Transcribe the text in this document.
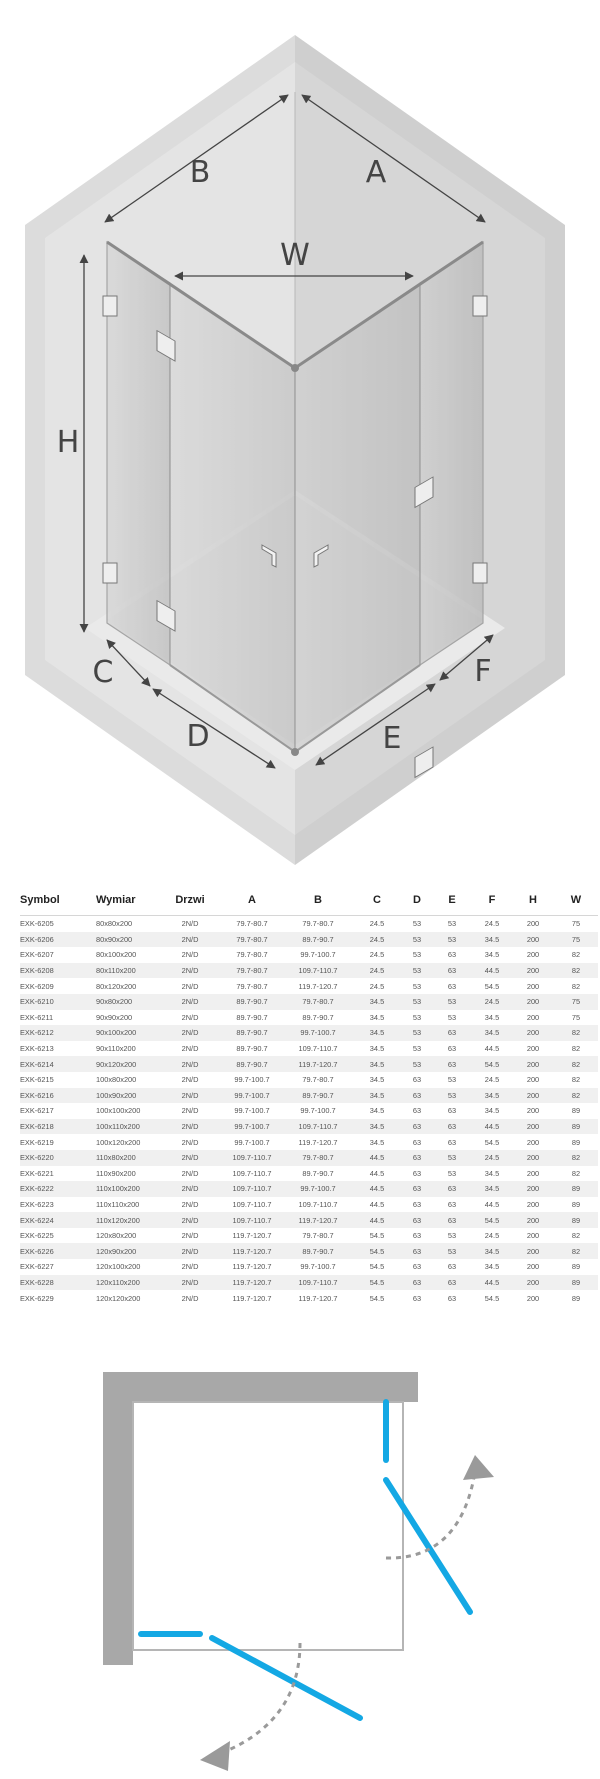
B	A
W
H
C
D	E
F
Symbol	Wymiar	Drzwi	A	B	C	D	E	F	H	W
EXK-6205	80x80x200	2N/D	79.7-80.7	79.7-80.7	24.5	53	53	24.5	200	75
EXK-6206	80x90x200	2N/D	79.7-80.7	89.7-90.7	24.5	53	53	34.5	200	75
EXK-6207	80x100x200	2N/D	79.7-80.7	99.7-100.7	24.5	53	63	34.5	200	82
EXK-6208	80x110x200	2N/D	79.7-80.7	109.7-110.7	24.5	53	63	44.5	200	82
EXK-6209	80x120x200	2N/D	79.7-80.7	119.7-120.7	24.5	53	63	54.5	200	82
EXK-6210	90x80x200	2N/D	89.7-90.7	79.7-80.7	34.5	53	53	24.5	200	75
EXK-6211	90x90x200	2N/D	89.7-90.7	89.7-90.7	34.5	53	53	34.5	200	75
EXK-6212	90x100x200	2N/D	89.7-90.7	99.7-100.7	34.5	53	63	34.5	200	82
EXK-6213	90x110x200	2N/D	89.7-90.7	109.7-110.7	34.5	53	63	44.5	200	82
EXK-6214	90x120x200	2N/D	89.7-90.7	119.7-120.7	34.5	53	63	54.5	200	82
EXK-6215	100x80x200	2N/D	99.7-100.7	79.7-80.7	34.5	63	53	24.5	200	82
EXK-6216	100x90x200	2N/D	99.7-100.7	89.7-90.7	34.5	63	53	34.5	200	82
EXK-6217	100x100x200	2N/D	99.7-100.7	99.7-100.7	34.5	63	63	34.5	200	89
EXK-6218	100x110x200	2N/D	99.7-100.7	109.7-110.7	34.5	63	63	44.5	200	89
EXK-6219	100x120x200	2N/D	99.7-100.7	119.7-120.7	34.5	63	63	54.5	200	89
EXK-6220	110x80x200	2N/D	109.7-110.7	79.7-80.7	44.5	63	53	24.5	200	82
EXK-6221	110x90x200	2N/D	109.7-110.7	89.7-90.7	44.5	63	53	34.5	200	82
EXK-6222	110x100x200	2N/D	109.7-110.7	99.7-100.7	44.5	63	63	34.5	200	89
EXK-6223	110x110x200	2N/D	109.7-110.7	109.7-110.7	44.5	63	63	44.5	200	89
EXK-6224	110x120x200	2N/D	109.7-110.7	119.7-120.7	44.5	63	63	54.5	200	89
EXK-6225	120x80x200	2N/D	119.7-120.7	79.7-80.7	54.5	63	53	24.5	200	82
EXK-6226	120x90x200	2N/D	119.7-120.7	89.7-90.7	54.5	63	53	34.5	200	82
EXK-6227	120x100x200	2N/D	119.7-120.7	99.7-100.7	54.5	63	63	34.5	200	89
EXK-6228	120x110x200	2N/D	119.7-120.7	109.7-110.7	54.5	63	63	44.5	200	89
EXK-6229	120x120x200	2N/D	119.7-120.7	119.7-120.7	54.5	63	63	54.5	200	89
